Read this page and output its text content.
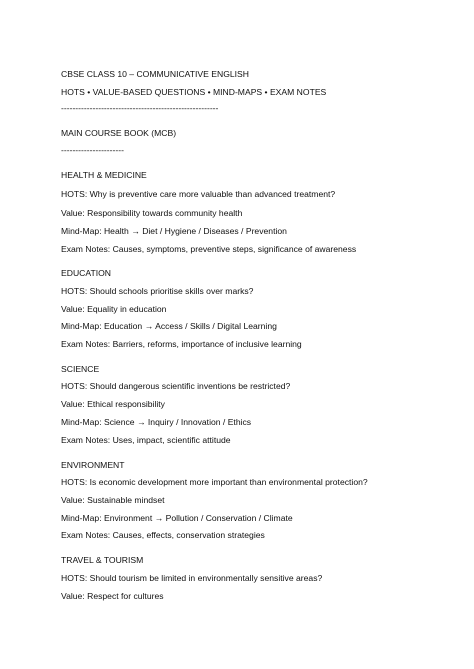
CBSE CLASS 10 – COMMUNICATIVE ENGLISH
HOTS • VALUE-BASED QUESTIONS • MIND-MAPS • EXAM NOTES
-------------------------------------------------------
MAIN COURSE BOOK (MCB)
----------------------
HEALTH & MEDICINE
HOTS: Why is preventive care more valuable than advanced treatment?
Value: Responsibility towards community health
Mind-Map: Health → Diet / Hygiene / Diseases / Prevention
Exam Notes: Causes, symptoms, preventive steps, significance of awareness
EDUCATION
HOTS: Should schools prioritise skills over marks?
Value: Equality in education
Mind-Map: Education → Access / Skills / Digital Learning
Exam Notes: Barriers, reforms, importance of inclusive learning
SCIENCE
HOTS: Should dangerous scientific inventions be restricted?
Value: Ethical responsibility
Mind-Map: Science → Inquiry / Innovation / Ethics
Exam Notes: Uses, impact, scientific attitude
ENVIRONMENT
HOTS: Is economic development more important than environmental protection?
Value: Sustainable mindset
Mind-Map: Environment → Pollution / Conservation / Climate
Exam Notes: Causes, effects, conservation strategies
TRAVEL & TOURISM
HOTS: Should tourism be limited in environmentally sensitive areas?
Value: Respect for cultures
